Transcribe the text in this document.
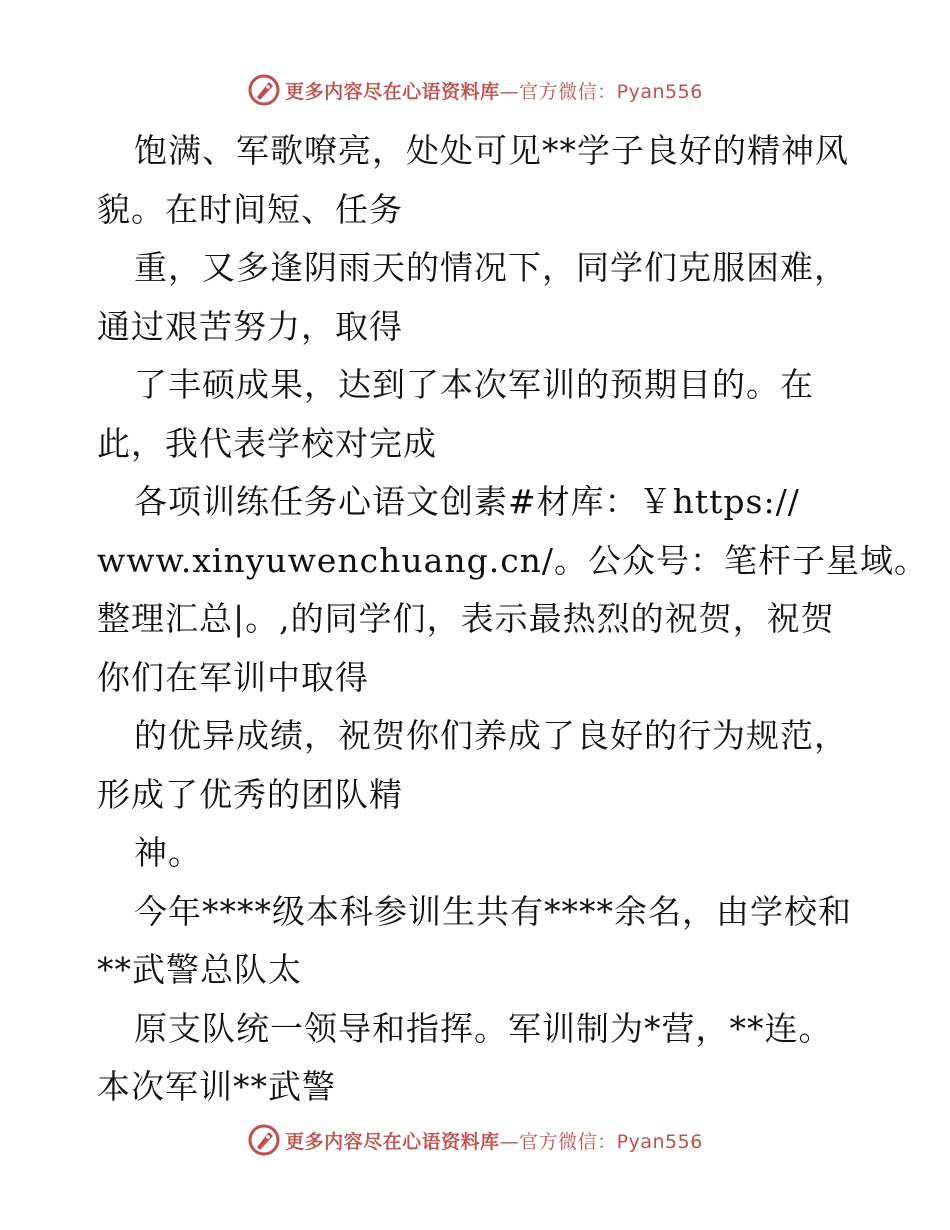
更多内容尽在心语资料库—官方微信：Pyan556
饱满、军歌嘹亮，处处可见**学子良好的精神风
貌。在时间短、任务
重，又多逢阴雨天的情况下，同学们克服困难，
通过艰苦努力，取得
了丰硕成果，达到了本次军训的预期目的。在
此，我代表学校对完成
各项训练任务心语文创素#材库：￥https://
www.xinyuwenchuang.cn/。公众号：笔杆子星域。
整理汇总|。,的同学们，表示最热烈的祝贺，祝贺
你们在军训中取得
的优异成绩，祝贺你们养成了良好的行为规范，
形成了优秀的团队精
神。
今年****级本科参训生共有****余名，由学校和
**武警总队太
原支队统一领导和指挥。军训制为*营，**连。
本次军训**武警
更多内容尽在心语资料库—官方微信：Pyan556
